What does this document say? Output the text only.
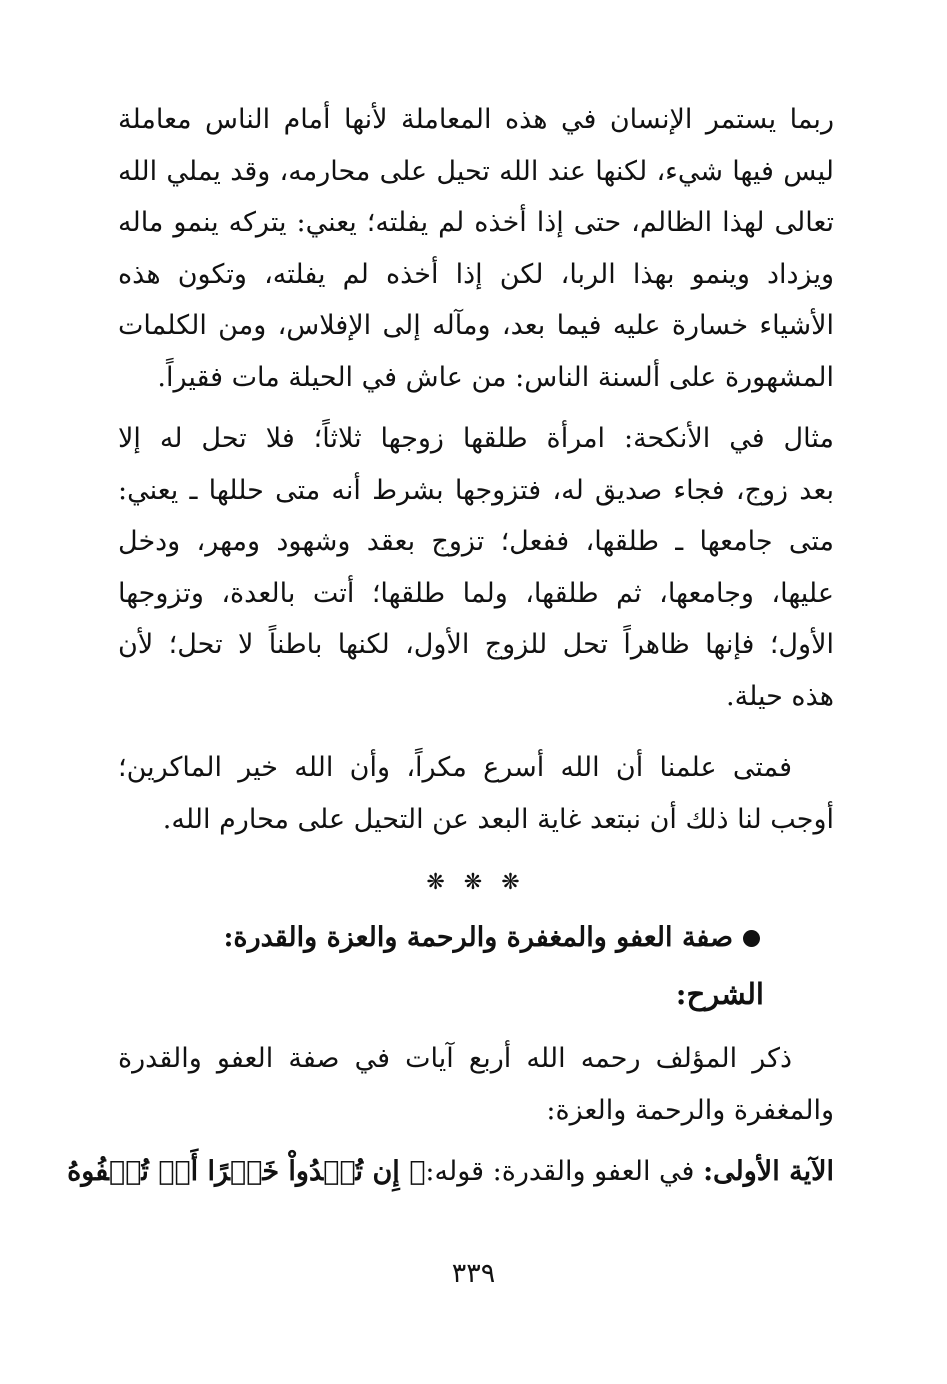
ربما يستمر الإنسان في هذه المعاملة لأنها أمام الناس معاملة
ليس فيها شيء، لكنها عند الله تحيل على محارمه، وقد يملي الله
تعالى لهذا الظالم، حتى إذا أخذه لم يفلته؛ يعني: يتركه ينمو ماله
ويزداد وينمو بهذا الربا، لكن إذا أخذه لم يفلته، وتكون هذه
الأشياء خسارة عليه فيما بعد، ومآله إلى الإفلاس، ومن الكلمات
المشهورة على ألسنة الناس: من عاش في الحيلة مات فقيراً.
مثال في الأنكحة: امرأة طلقها زوجها ثلاثاً؛ فلا تحل له إلا
بعد زوج، فجاء صديق له، فتزوجها بشرط أنه متى حللها ـ يعني:
متى جامعها ـ طلقها، ففعل؛ تزوج بعقد وشهود ومهر، ودخل
عليها، وجامعها، ثم طلقها، ولما طلقها؛ أتت بالعدة، وتزوجها
الأول؛ فإنها ظاهراً تحل للزوج الأول، لكنها باطناً لا تحل؛ لأن
هذه حيلة.
فمتى علمنا أن الله أسرع مكراً، وأن الله خير الماكرين؛
أوجب لنا ذلك أن نبتعد غاية البعد عن التحيل على محارم الله.
❋ ❋ ❋
صفة العفو والمغفرة والرحمة والعزة والقدرة:
الشرح:
ذكر المؤلف رحمه الله أربع آيات في صفة العفو والقدرة
والمغفرة والرحمة والعزة:
الآية الأولى: في العفو والقدرة: قوله:
﴿ إِن تُبۡدُواْ خَيۡرًا أَوۡ تُخۡفُوهُ
٣٣٩
